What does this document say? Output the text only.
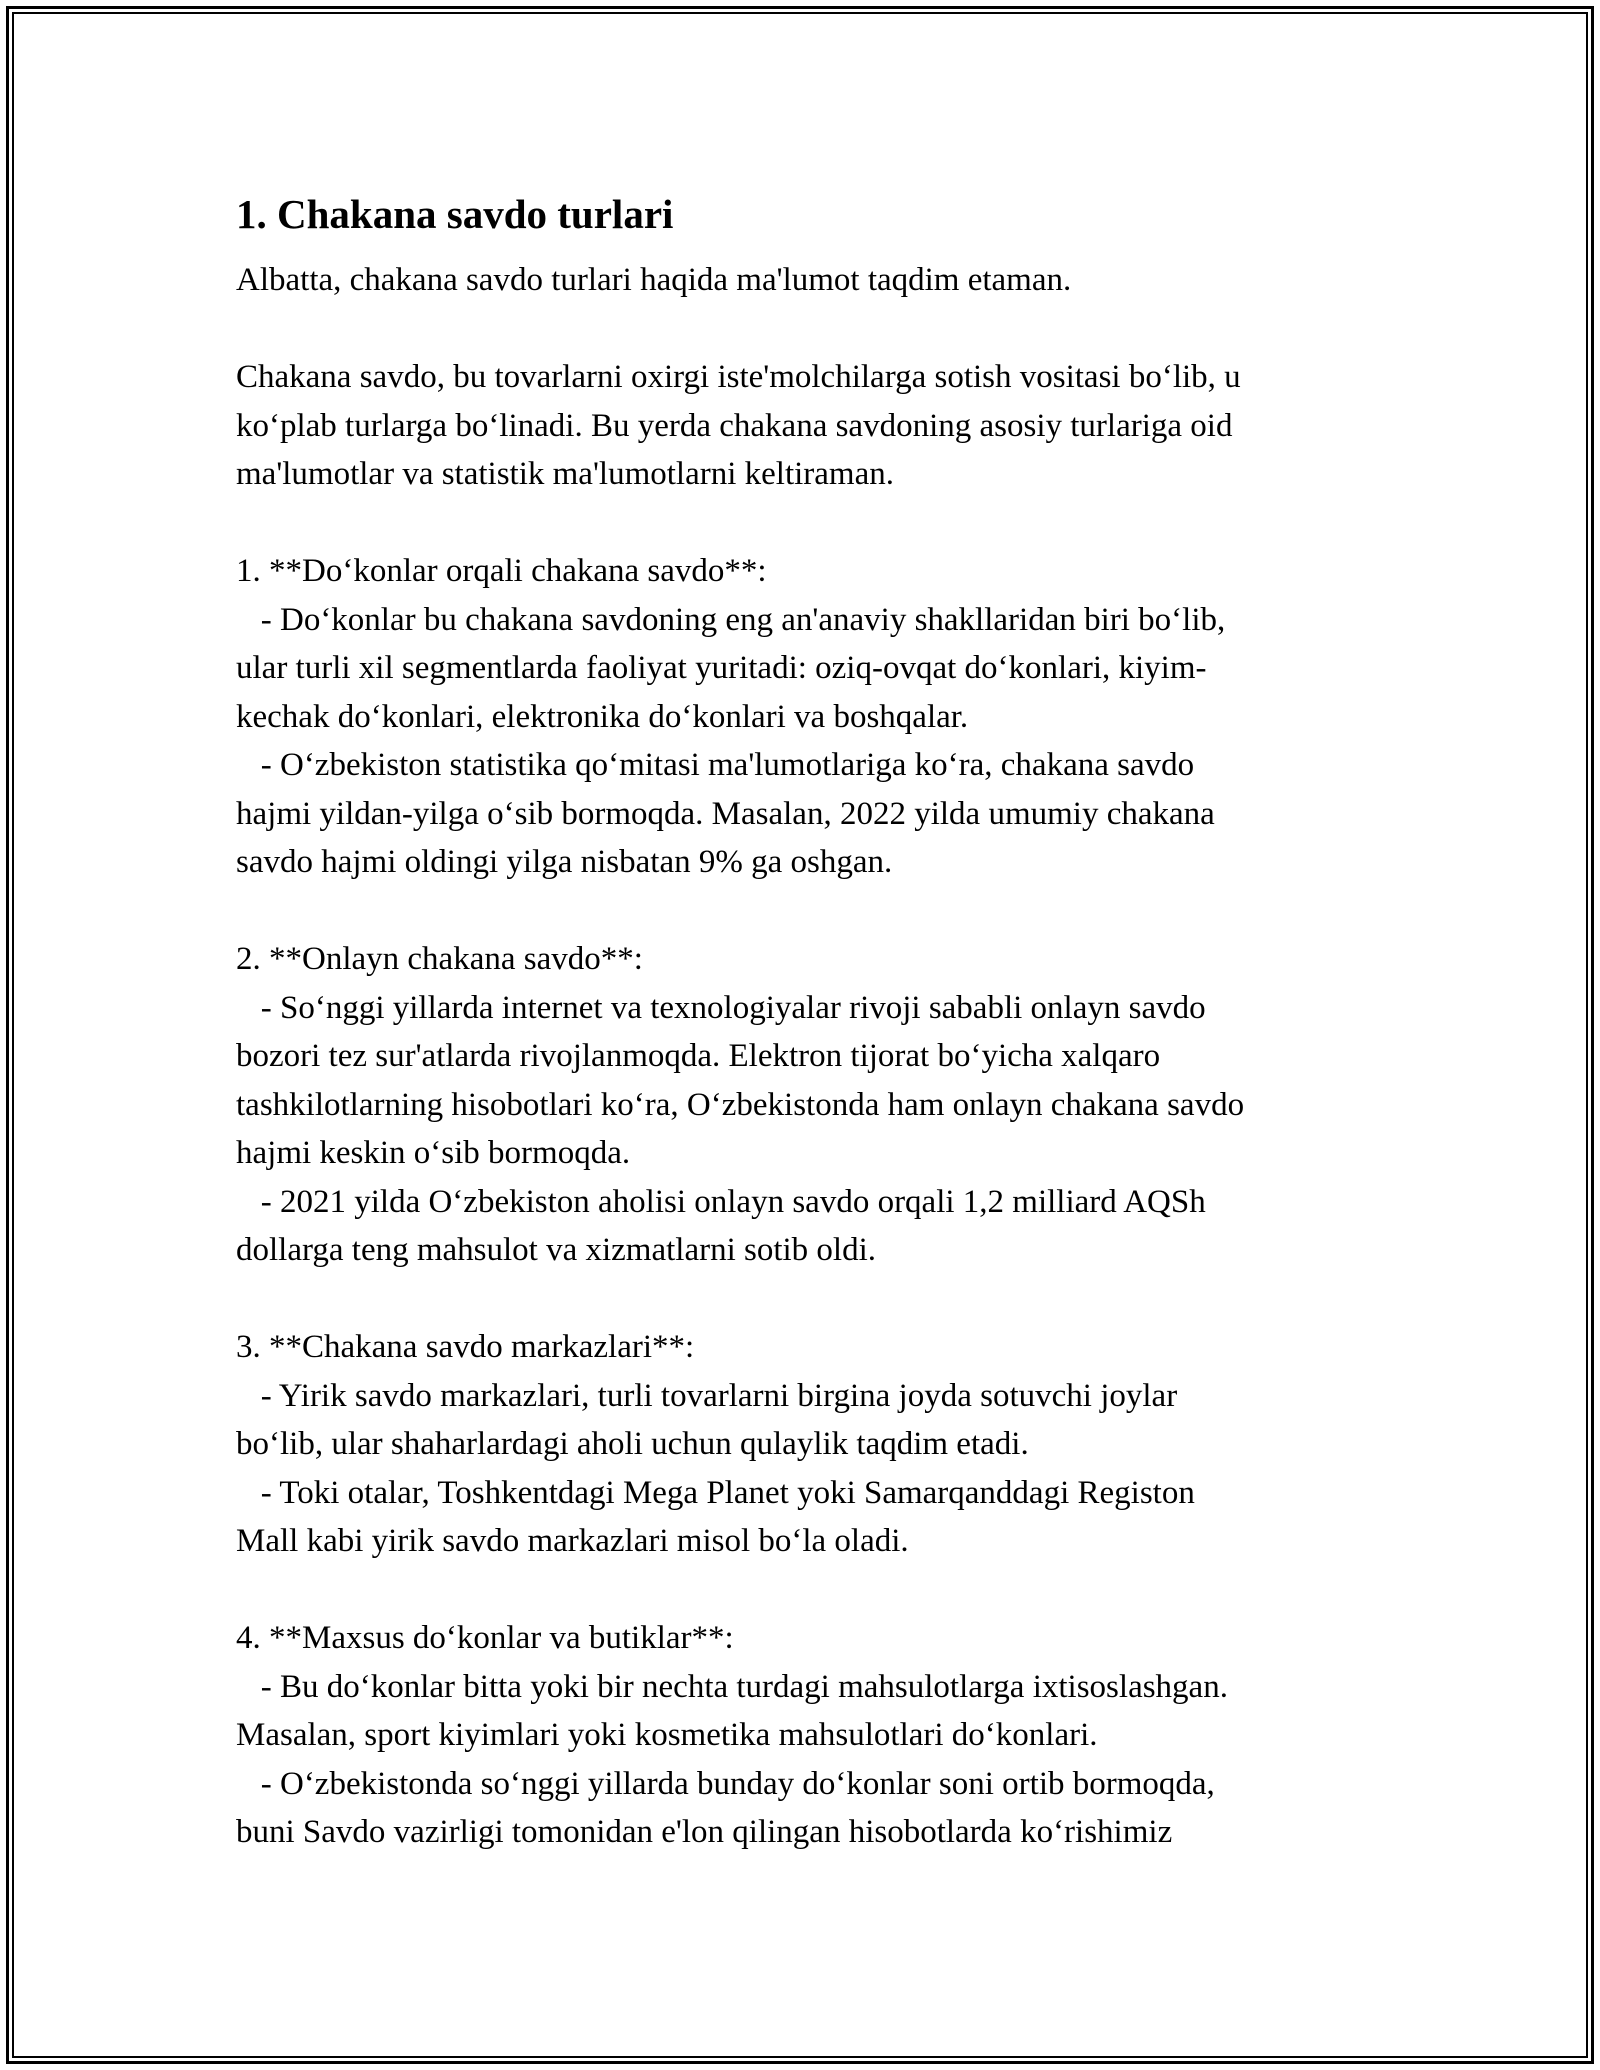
1. Chakana savdo turlari

Albatta, chakana savdo turlari haqida ma'lumot taqdim etaman.

Chakana savdo, bu tovarlarni oxirgi iste'molchilarga sotish vositasi bo‘lib, u
ko‘plab turlarga bo‘linadi. Bu yerda chakana savdoning asosiy turlariga oid
ma'lumotlar va statistik ma'lumotlarni keltiraman.

1. **Do‘konlar orqali chakana savdo**:
- Do‘konlar bu chakana savdoning eng an'anaviy shakllaridan biri bo‘lib,
ular turli xil segmentlarda faoliyat yuritadi: oziq-ovqat do‘konlari, kiyim-
kechak do‘konlari, elektronika do‘konlari va boshqalar.
- O‘zbekiston statistika qo‘mitasi ma'lumotlariga ko‘ra, chakana savdo
hajmi yildan-yilga o‘sib bormoqda. Masalan, 2022 yilda umumiy chakana
savdo hajmi oldingi yilga nisbatan 9% ga oshgan.

2. **Onlayn chakana savdo**:
- So‘nggi yillarda internet va texnologiyalar rivoji sababli onlayn savdo
bozori tez sur'atlarda rivojlanmoqda. Elektron tijorat bo‘yicha xalqaro
tashkilotlarning hisobotlari ko‘ra, O‘zbekistonda ham onlayn chakana savdo
hajmi keskin o‘sib bormoqda.
- 2021 yilda O‘zbekiston aholisi onlayn savdo orqali 1,2 milliard AQSh
dollarga teng mahsulot va xizmatlarni sotib oldi.

3. **Chakana savdo markazlari**:
- Yirik savdo markazlari, turli tovarlarni birgina joyda sotuvchi joylar
bo‘lib, ular shaharlardagi aholi uchun qulaylik taqdim etadi.
- Toki otalar, Toshkentdagi Mega Planet yoki Samarqanddagi Registon
Mall kabi yirik savdo markazlari misol bo‘la oladi.

4. **Maxsus do‘konlar va butiklar**:
- Bu do‘konlar bitta yoki bir nechta turdagi mahsulotlarga ixtisoslashgan.
Masalan, sport kiyimlari yoki kosmetika mahsulotlari do‘konlari.
- O‘zbekistonda so‘nggi yillarda bunday do‘konlar soni ortib bormoqda,
buni Savdo vazirligi tomonidan e'lon qilingan hisobotlarda ko‘rishimiz
